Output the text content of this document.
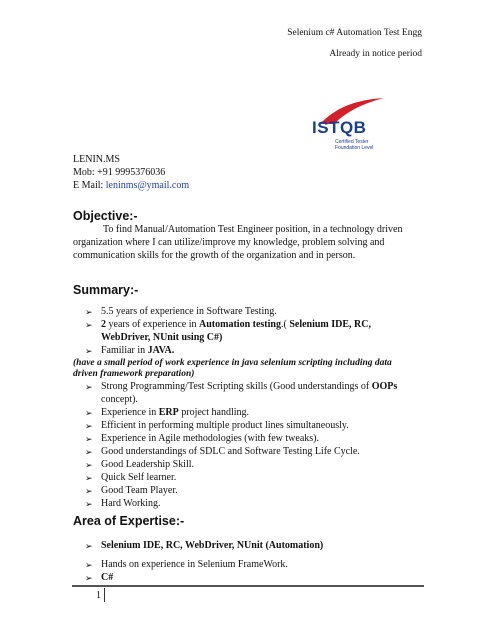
Selenium c# Automation Test Engg
Already in notice period
ISTQB
Certified Tester
Foundation Level
LENIN.MS
Mob: +91 9995376036
E Mail: leninms@ymail.com
Objective:-
To find Manual/Automation Test Engineer position, in a technology driven organization where I can utilize/improve my knowledge, problem solving and communication skills for the growth of the organization and in person.
Summary:-
➢ 5.5 years of experience in Software Testing.
➢ 2 years of experience in Automation testing.( Selenium IDE, RC, WebDriver, NUnit using C#)
➢ Familiar in JAVA.
(have a small period of work experience in java selenium scripting including data driven framework preparation)
➢ Strong Programming/Test Scripting skills (Good understandings of OOPs concept).
➢ Experience in ERP project handling.
➢ Efficient in performing multiple product lines simultaneously.
➢ Experience in Agile methodologies (with few tweaks).
➢ Good understandings of SDLC and Software Testing Life Cycle.
➢ Good Leadership Skill.
➢ Quick Self learner.
➢ Good Team Player.
➢ Hard Working.
Area of Expertise:-
➢ Selenium IDE, RC, WebDriver, NUnit (Automation)
➢ Hands on experience in Selenium FrameWork.
➢ C#
1
